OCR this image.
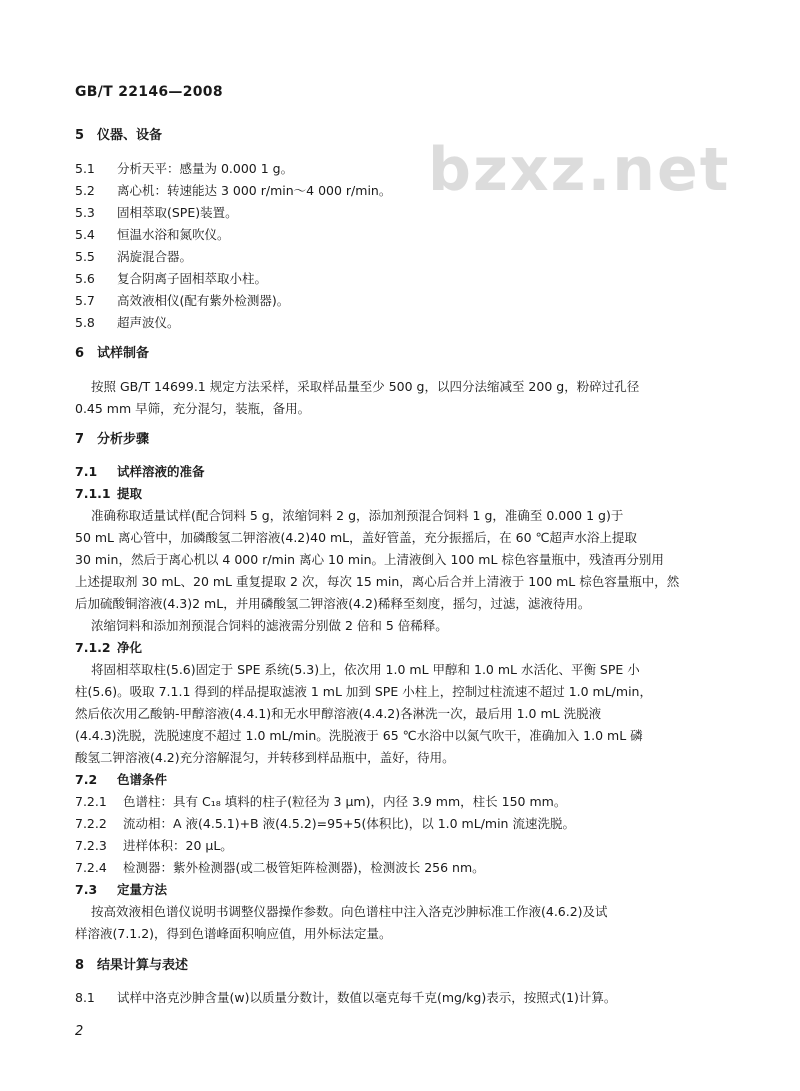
GB/T 22146—2008
bzxz.net
5 仪器、设备
5.1 分析天平：感量为 0.000 1 g。
5.2 离心机：转速能达 3 000 r/min～4 000 r/min。
5.3 固相萃取(SPE)装置。
5.4 恒温水浴和氮吹仪。
5.5 涡旋混合器。
5.6 复合阴离子固相萃取小柱。
5.7 高效液相仪(配有紫外检测器)。
5.8 超声波仪。
6 试样制备
按照 GB/T 14699.1 规定方法采样，采取样品量至少 500 g，以四分法缩减至 200 g，粉碎过孔径
0.45 mm 早筛，充分混匀，装瓶，备用。
7 分析步骤
7.1 试样溶液的准备
7.1.1 提取
准确称取适量试样(配合饲料 5 g，浓缩饲料 2 g，添加剂预混合饲料 1 g，准确至 0.000 1 g)于
50 mL 离心管中，加磷酸氢二钾溶液(4.2)40 mL，盖好管盖，充分振摇后，在 60 ℃超声水浴上提取
30 min，然后于离心机以 4 000 r/min 离心 10 min。上清液倒入 100 mL 棕色容量瓶中，残渣再分别用
上述提取剂 30 mL、20 mL 重复提取 2 次，每次 15 min，离心后合并上清液于 100 mL 棕色容量瓶中，然
后加硫酸铜溶液(4.3)2 mL，并用磷酸氢二钾溶液(4.2)稀释至刻度，摇匀，过滤，滤液待用。
浓缩饲料和添加剂预混合饲料的滤液需分别做 2 倍和 5 倍稀释。
7.1.2 净化
将固相萃取柱(5.6)固定于 SPE 系统(5.3)上，依次用 1.0 mL 甲醇和 1.0 mL 水活化、平衡 SPE 小
柱(5.6)。吸取 7.1.1 得到的样品提取滤液 1 mL 加到 SPE 小柱上，控制过柱流速不超过 1.0 mL/min，
然后依次用乙酸钠-甲醇溶液(4.4.1)和无水甲醇溶液(4.4.2)各淋洗一次，最后用 1.0 mL 洗脱液
(4.4.3)洗脱，洗脱速度不超过 1.0 mL/min。洗脱液于 65 ℃水浴中以氮气吹干，准确加入 1.0 mL 磷
酸氢二钾溶液(4.2)充分溶解混匀，并转移到样品瓶中，盖好，待用。
7.2 色谱条件
7.2.1 色谱柱：具有 C₁₈ 填料的柱子(粒径为 3 μm)，内径 3.9 mm，柱长 150 mm。
7.2.2 流动相：A 液(4.5.1)+B 液(4.5.2)=95+5(体积比)，以 1.0 mL/min 流速洗脱。
7.2.3 进样体积：20 μL。
7.2.4 检测器：紫外检测器(或二极管矩阵检测器)，检测波长 256 nm。
7.3 定量方法
按高效液相色谱仪说明书调整仪器操作参数。向色谱柱中注入洛克沙胂标准工作液(4.6.2)及试
样溶液(7.1.2)，得到色谱峰面积响应值，用外标法定量。
8 结果计算与表述
8.1 试样中洛克沙胂含量(w)以质量分数计，数值以毫克每千克(mg/kg)表示，按照式(1)计算。
2
